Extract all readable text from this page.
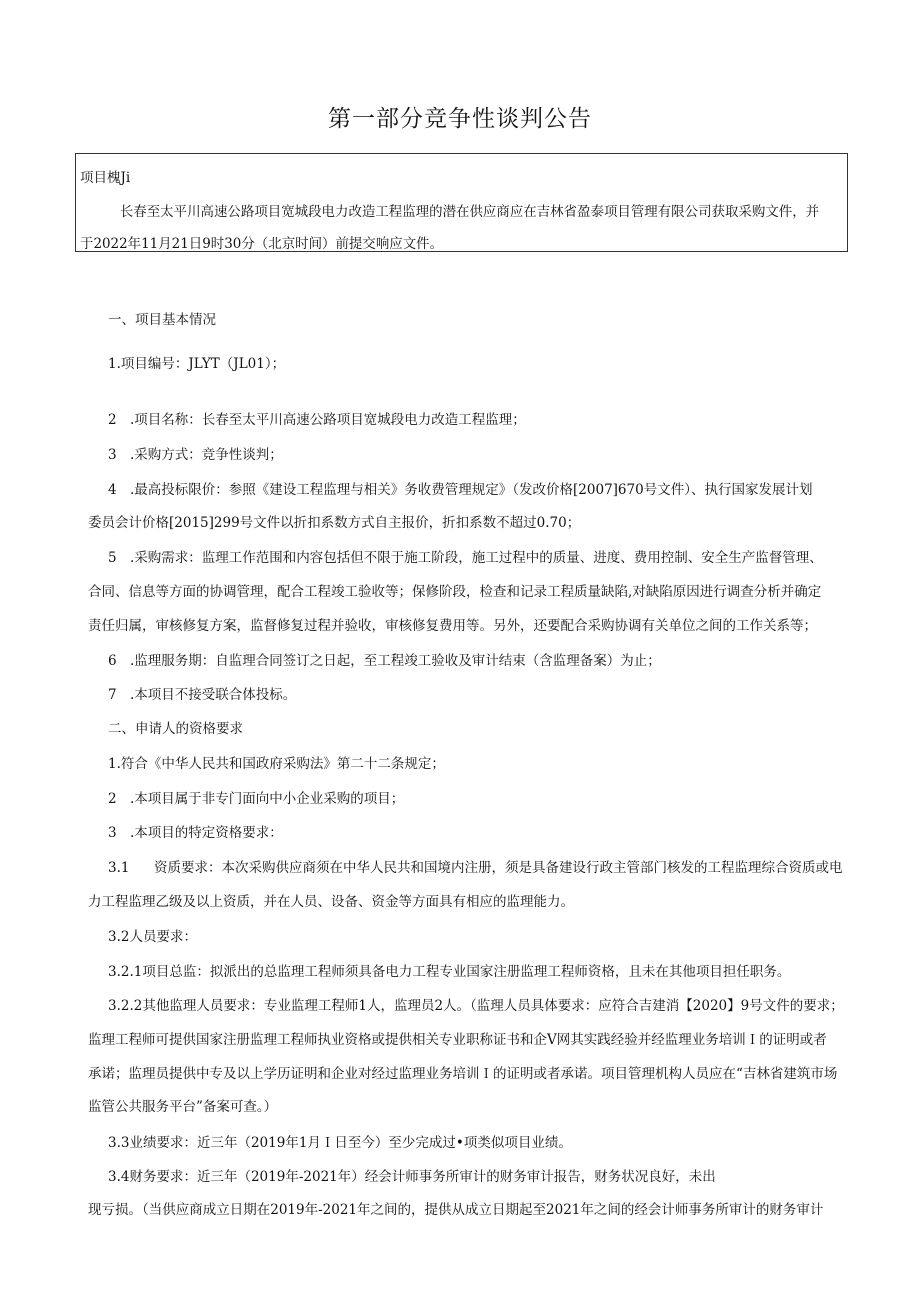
第一部分竞争性谈判公告
项目槐Ji
长春至太平川高速公路项目宽城段电力改造工程监理的潜在供应商应在吉林省盈泰项目管理有限公司获取采购文件，并
于2022年11月21日9时30分（北京时间）前提交响应文件。
一、项目基本情况
1.项目编号：JLYT（JL01）；
2 .项目名称：长春至太平川高速公路项目宽城段电力改造工程监理；
3 .采购方式：竞争性谈判；
4 .最高投标限价：参照《建设工程监理与相关》务收费管理规定》（发改价格[2007]670号文件）、执行国家发展计划
委员会计价格[2015]299号文件以折扣系数方式自主报价，折扣系数不超过0.70；
5 .采购需求：监理工作范围和内容包括但不限于施工阶段，施工过程中的质量、进度、费用控制、安全生产监督管理、
合同、信息等方面的协调管理，配合工程竣工验收等；保修阶段，检查和记录工程质量缺陷,对缺陷原因进行调查分析并确定
责任归属，审核修复方案，监督修复过程并验收，审核修复费用等。另外，还要配合采购协调有关单位之间的工作关系等；
6 .监理服务期：自监理合同签订之日起，至工程竣工验收及审计结束（含监理备案）为止；
7 .本项目不接受联合体投标。
二、申请人的资格要求
1.符合《中华人民共和国政府采购法》第二十二条规定；
2 .本项目属于非专门面向中小企业采购的项目；
3 .本项目的特定资格要求：
3.1 资质要求：本次采购供应商须在中华人民共和国境内注册，须是具备建设行政主管部门核发的工程监理综合资质或电
力工程监理乙级及以上资质，并在人员、设备、资金等方面具有相应的监理能力。
3.2人员要求：
3.2.1项目总监：拟派出的总监理工程师须具备电力工程专业国家注册监理工程师资格，且未在其他项目担任职务。
3.2.2其他监理人员要求：专业监理工程师1人，监理员2人。（监理人员具体要求：应符合吉建消【2020】9号文件的要求；
监理工程师可提供国家注册监理工程师执业资格或提供相关专业职称证书和企Ⅴ网其实践经验并经监理业务培训Ｉ的证明或者
承诺；监理员提供中专及以上学历证明和企业对经过监理业务培训Ｉ的证明或者承诺。项目管理机构人员应在“吉林省建筑市场
监管公共服务平台”备案可查。）
3.3业绩要求：近三年（2019年1月Ｉ日至今）至少完成过•项类似项目业绩。
3.4财务要求：近三年（2019年-2021年）经会计师事务所审计的财务审计报告，财务状况良好，未出
现亏损。（当供应商成立日期在2019年-2021年之间的，提供从成立日期起至2021年之间的经会计师事务所审计的财务审计
